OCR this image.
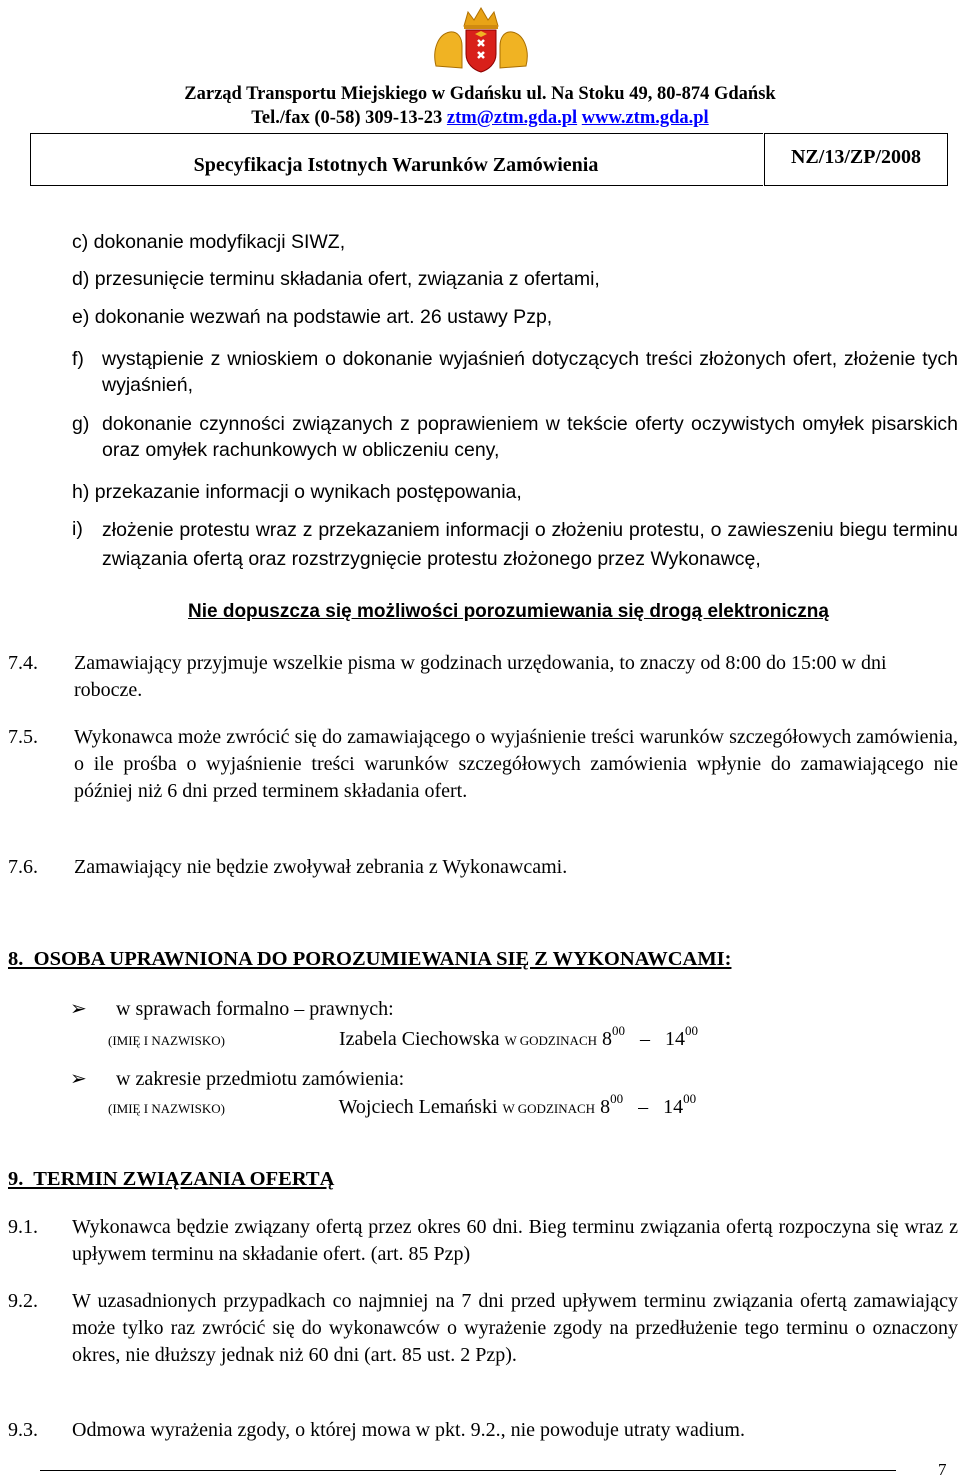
Zarząd Transportu Miejskiego w Gdańsku ul. Na Stoku 49, 80-874 Gdańsk
Tel./fax (0-58) 309-13-23 ztm@ztm.gda.pl www.ztm.gda.pl
Specyfikacja Istotnych Warunków Zamówienia	NZ/13/ZP/2008
c) dokonanie modyfikacji SIWZ,
d) przesunięcie terminu składania ofert, związania z ofertami,
e) dokonanie wezwań na podstawie art. 26 ustawy Pzp,
f) wystąpienie z wnioskiem o dokonanie wyjaśnień dotyczących treści złożonych ofert, złożenie tych wyjaśnień,
g) dokonanie czynności związanych z poprawieniem w tekście oferty oczywistych omyłek pisarskich oraz omyłek rachunkowych w obliczeniu ceny,
h) przekazanie informacji o wynikach postępowania,
i) złożenie protestu wraz z przekazaniem informacji o złożeniu protestu, o zawieszeniu biegu terminu związania ofertą oraz rozstrzygnięcie protestu złożonego przez Wykonawcę,
Nie dopuszcza się możliwości porozumiewania się drogą elektroniczną
7.4. Zamawiający przyjmuje wszelkie pisma w godzinach urzędowania, to znaczy od 8:00 do 15:00 w dni robocze.
7.5. Wykonawca może zwrócić się do zamawiającego o wyjaśnienie treści warunków szczegółowych zamówienia, o ile prośba o wyjaśnienie treści warunków szczegółowych zamówienia wpłynie do zamawiającego nie później niż 6 dni przed terminem składania ofert.
7.6. Zamawiający nie będzie zwoływał zebrania z Wykonawcami.
8.  OSOBA UPRAWNIONA DO POROZUMIEWANIA SIĘ Z WYKONAWCAMI:
➢ w sprawach formalno – prawnych:
(IMIĘ I NAZWISKO)	Izabela Ciechowska W GODZINACH $8^{00} - 14^{00}$
➢ w zakresie przedmiotu zamówienia:
(IMIĘ I NAZWISKO)	Wojciech Lemański W GODZINACH $8^{00} - 14^{00}$
9.  TERMIN ZWIĄZANIA OFERTĄ
9.1. Wykonawca będzie związany ofertą przez okres 60 dni. Bieg terminu związania ofertą rozpoczyna się wraz z upływem terminu na składanie ofert. (art. 85 Pzp)
9.2. W uzasadnionych przypadkach co najmniej na 7 dni przed upływem terminu związania ofertą zamawiający może tylko raz zwrócić się do wykonawców o wyrażenie zgody na przedłużenie tego terminu o oznaczony okres, nie dłuższy jednak niż 60 dni (art. 85 ust. 2 Pzp).
9.3. Odmowa wyrażenia zgody, o której mowa w pkt. 9.2., nie powoduje utraty wadium.
7
